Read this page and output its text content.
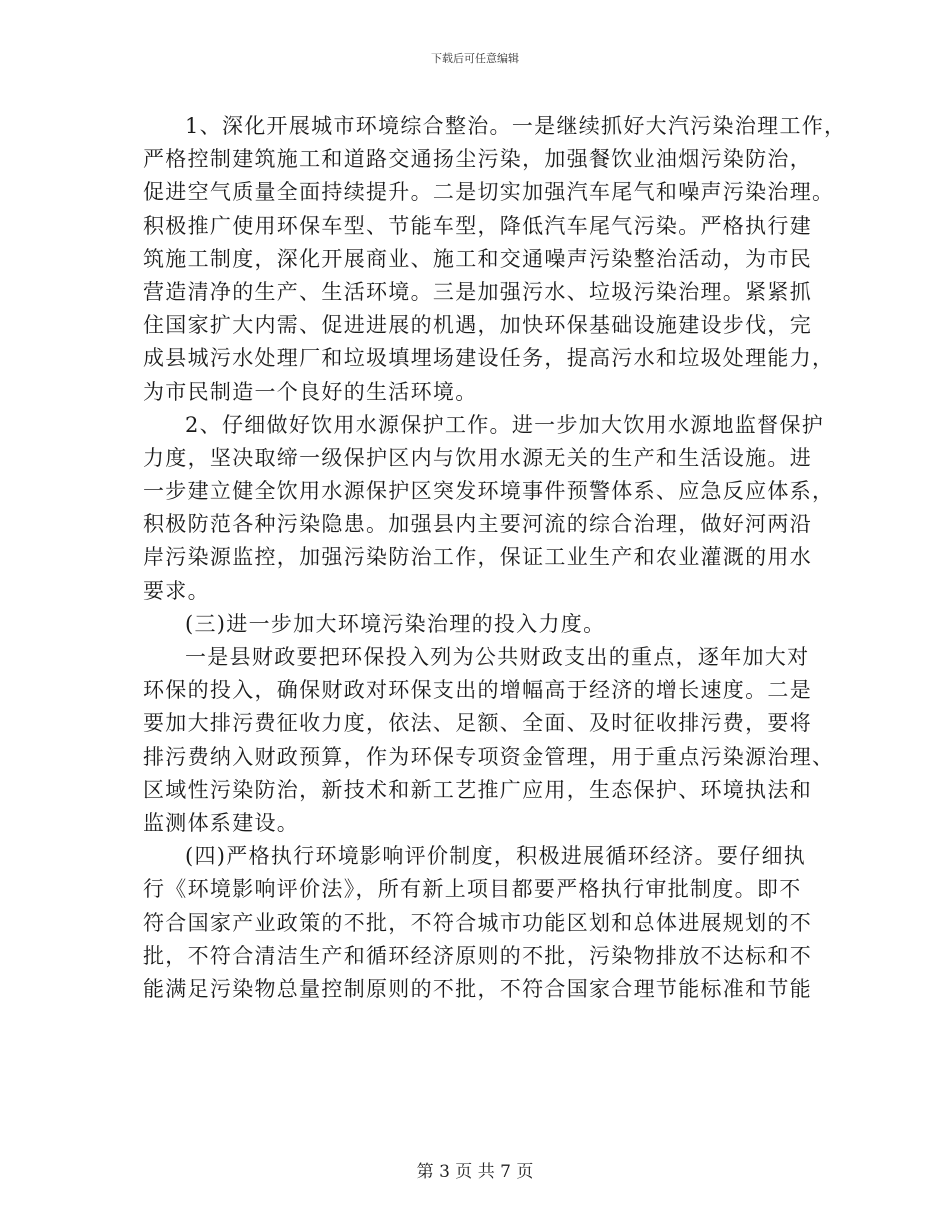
下载后可任意编辑
1、深化开展城市环境综合整治。一是继续抓好大汽污染治理工作，
严格控制建筑施工和道路交通扬尘污染，加强餐饮业油烟污染防治，
促进空气质量全面持续提升。二是切实加强汽车尾气和噪声污染治理。
积极推广使用环保车型、节能车型，降低汽车尾气污染。严格执行建
筑施工制度，深化开展商业、施工和交通噪声污染整治活动，为市民
营造清净的生产、生活环境。三是加强污水、垃圾污染治理。紧紧抓
住国家扩大内需、促进进展的机遇，加快环保基础设施建设步伐，完
成县城污水处理厂和垃圾填埋场建设任务，提高污水和垃圾处理能力，
为市民制造一个良好的生活环境。
2、仔细做好饮用水源保护工作。进一步加大饮用水源地监督保护
力度，坚决取缔一级保护区内与饮用水源无关的生产和生活设施。进
一步建立健全饮用水源保护区突发环境事件预警体系、应急反应体系，
积极防范各种污染隐患。加强县内主要河流的综合治理，做好河两沿
岸污染源监控，加强污染防治工作，保证工业生产和农业灌溉的用水
要求。
(三)进一步加大环境污染治理的投入力度。
一是县财政要把环保投入列为公共财政支出的重点，逐年加大对
环保的投入，确保财政对环保支出的增幅高于经济的增长速度。二是
要加大排污费征收力度，依法、足额、全面、及时征收排污费，要将
排污费纳入财政预算，作为环保专项资金管理，用于重点污染源治理、
区域性污染防治，新技术和新工艺推广应用，生态保护、环境执法和
监测体系建设。
(四)严格执行环境影响评价制度，积极进展循环经济。要仔细执
行《环境影响评价法》，所有新上项目都要严格执行审批制度。即不
符合国家产业政策的不批，不符合城市功能区划和总体进展规划的不
批，不符合清洁生产和循环经济原则的不批，污染物排放不达标和不
能满足污染物总量控制原则的不批，不符合国家合理节能标准和节能
第 3 页 共 7 页
